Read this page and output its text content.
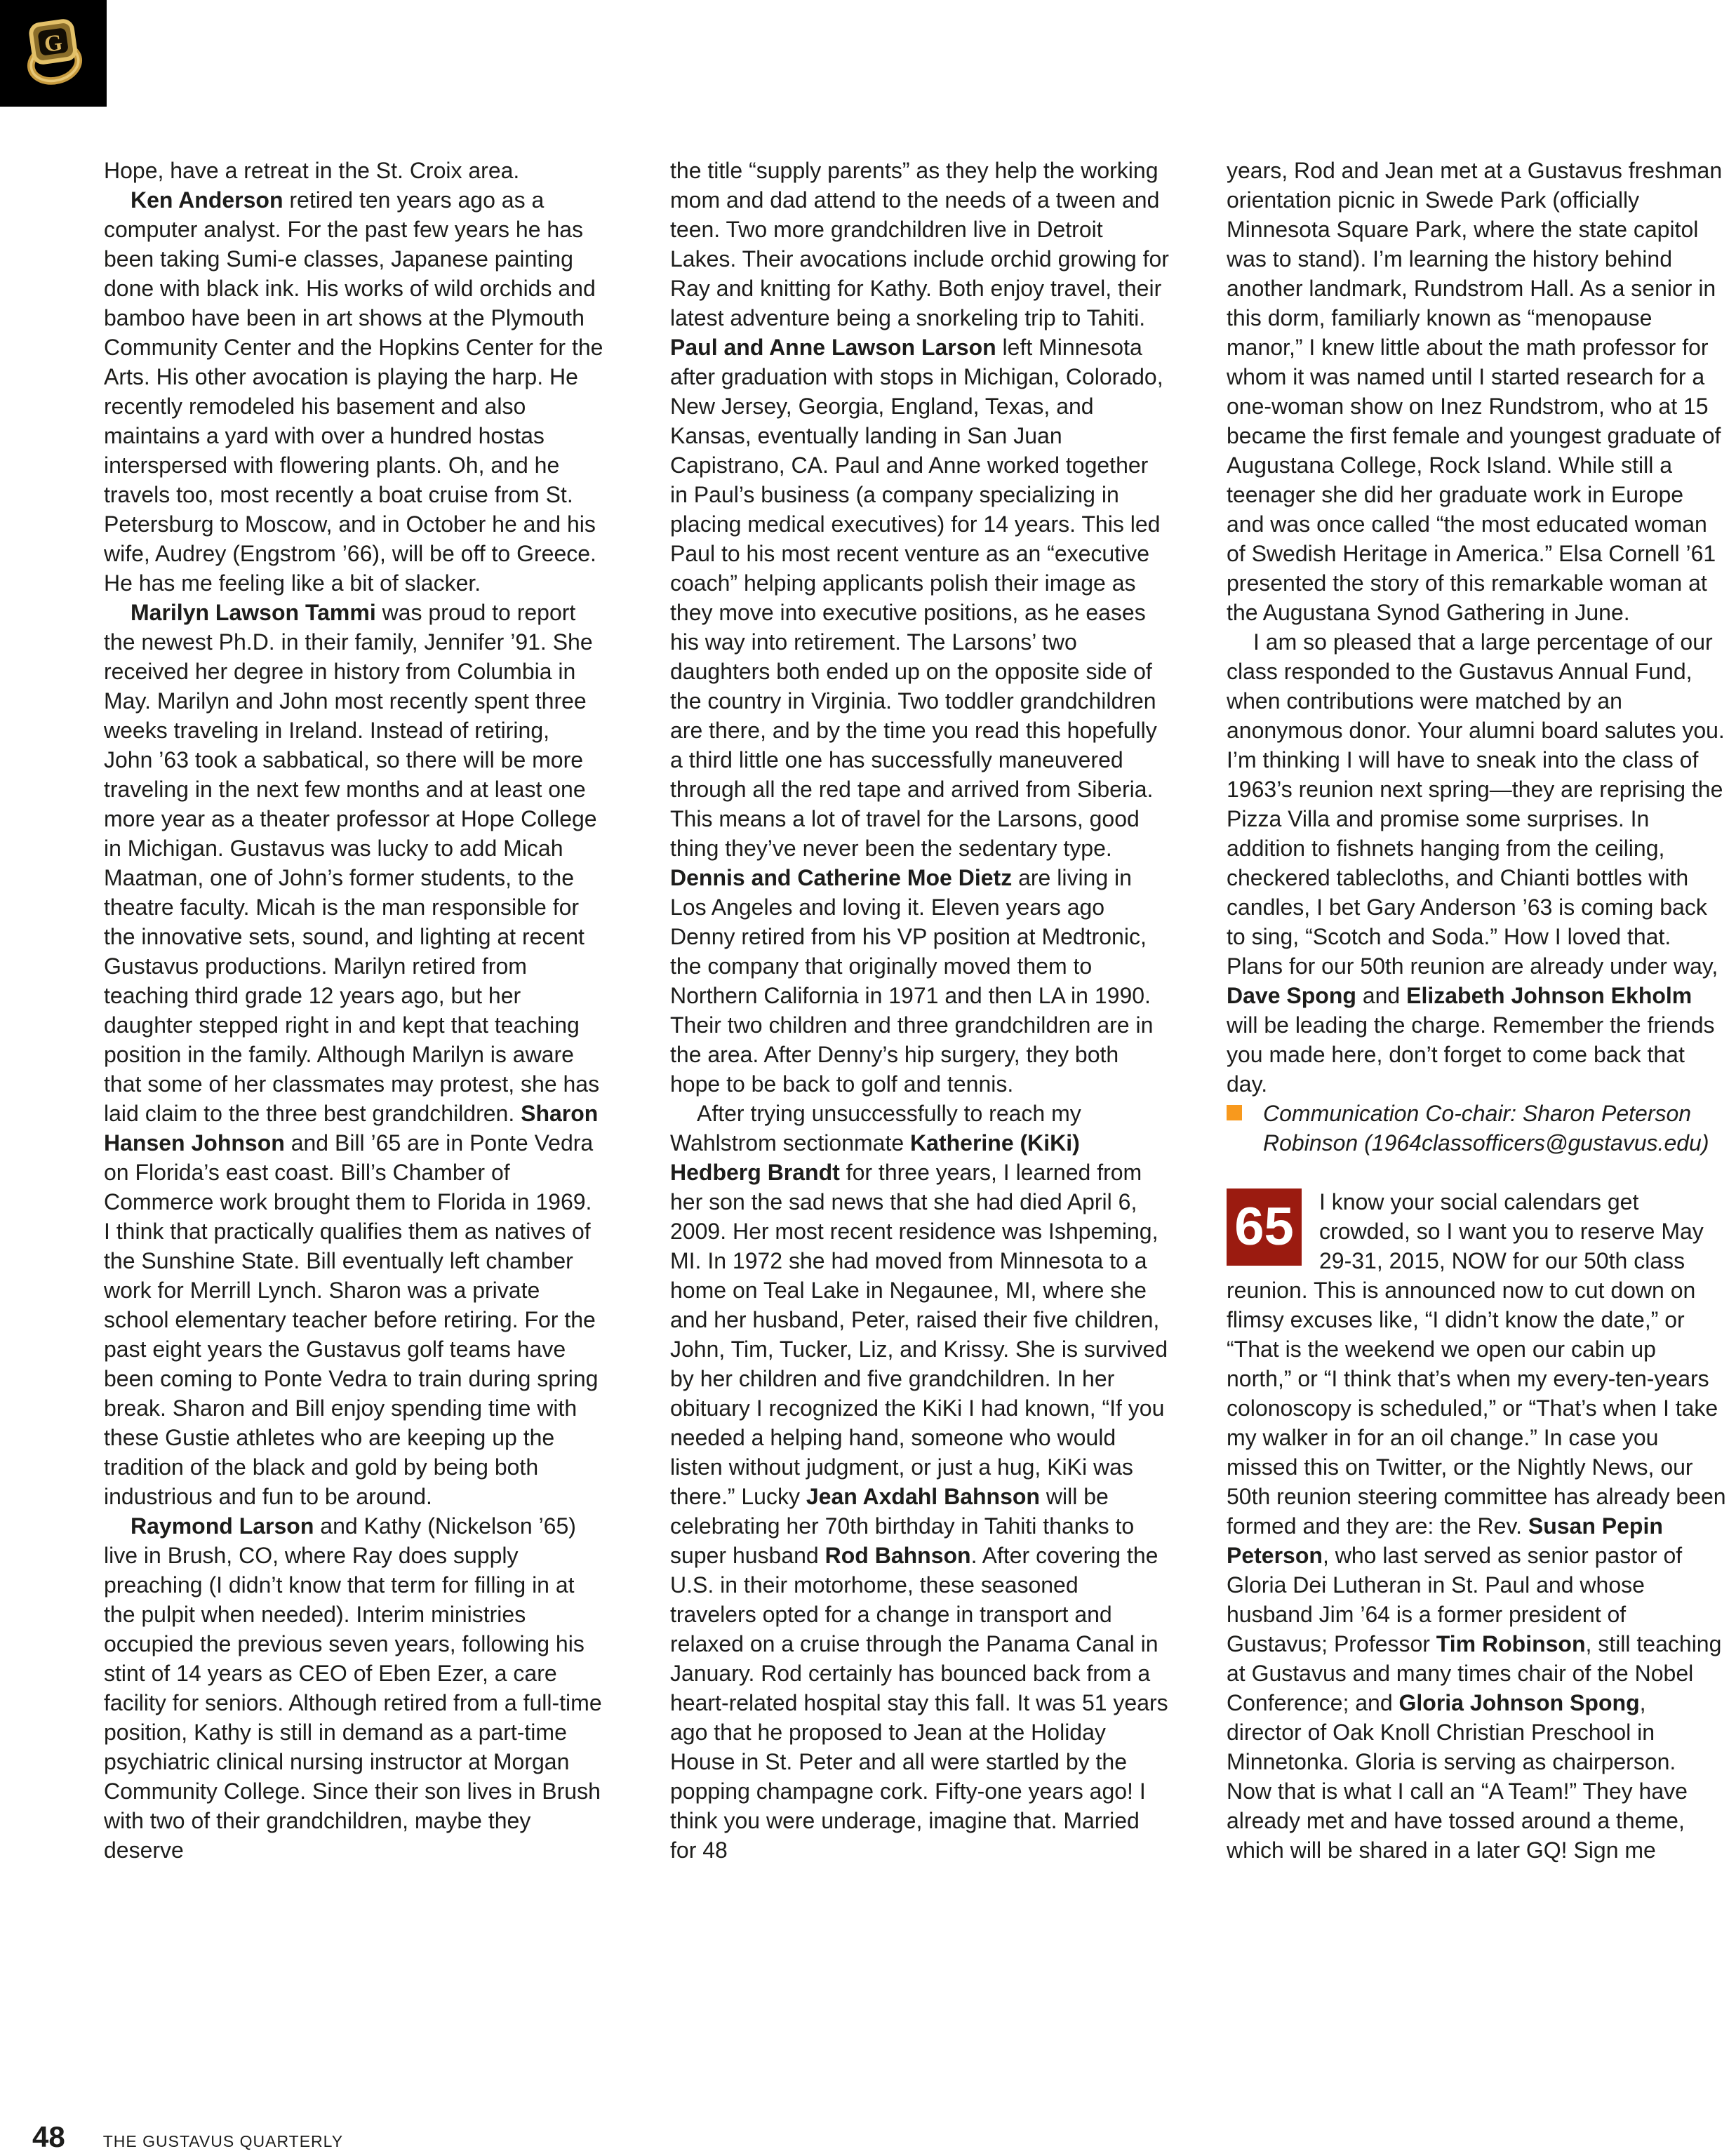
G

Hope, have a retreat in the St. Croix area.

Ken Anderson retired ten years ago as a computer analyst. For the past few years he has been taking Sumi-e classes, Japanese painting done with black ink. His works of wild orchids and bamboo have been in art shows at the Plymouth Community Center and the Hopkins Center for the Arts. His other avocation is playing the harp. He recently remodeled his basement and also maintains a yard with over a hundred hostas interspersed with flowering plants. Oh, and he travels too, most recently a boat cruise from St. Petersburg to Moscow, and in October he and his wife, Audrey (Engstrom ’66), will be off to Greece. He has me feeling like a bit of slacker.

Marilyn Lawson Tammi was proud to report the newest Ph.D. in their family, Jennifer ’91. She received her degree in history from Columbia in May. Marilyn and John most recently spent three weeks traveling in Ireland. Instead of retiring, John ’63 took a sabbatical, so there will be more traveling in the next few months and at least one more year as a theater professor at Hope College in Michigan. Gustavus was lucky to add Micah Maatman, one of John’s former students, to the theatre faculty. Micah is the man responsible for the innovative sets, sound, and lighting at recent Gustavus productions. Marilyn retired from teaching third grade 12 years ago, but her daughter stepped right in and kept that teaching position in the family. Although Marilyn is aware that some of her classmates may protest, she has laid claim to the three best grandchildren. Sharon Hansen Johnson and Bill ’65 are in Ponte Vedra on Florida’s east coast. Bill’s Chamber of Commerce work brought them to Florida in 1969. I think that practically qualifies them as natives of the Sunshine State. Bill eventually left chamber work for Merrill Lynch. Sharon was a private school elementary teacher before retiring. For the past eight years the Gustavus golf teams have been coming to Ponte Vedra to train during spring break. Sharon and Bill enjoy spending time with these Gustie athletes who are keeping up the tradition of the black and gold by being both industrious and fun to be around.

Raymond Larson and Kathy (Nickelson ’65) live in Brush, CO, where Ray does supply preaching (I didn’t know that term for filling in at the pulpit when needed). Interim ministries occupied the previous seven years, following his stint of 14 years as CEO of Eben Ezer, a care facility for seniors. Although retired from a full-time position, Kathy is still in demand as a part-time psychiatric clinical nursing instructor at Morgan Community College. Since their son lives in Brush with two of their grandchildren, maybe they deserve

the title “supply parents” as they help the working mom and dad attend to the needs of a tween and teen. Two more grandchildren live in Detroit Lakes. Their avocations include orchid growing for Ray and knitting for Kathy. Both enjoy travel, their latest adventure being a snorkeling trip to Tahiti. Paul and Anne Lawson Larson left Minnesota after graduation with stops in Michigan, Colorado, New Jersey, Georgia, England, Texas, and Kansas, eventually landing in San Juan Capistrano, CA. Paul and Anne worked together in Paul’s business (a company specializing in placing medical executives) for 14 years. This led Paul to his most recent venture as an “executive coach” helping applicants polish their image as they move into executive positions, as he eases his way into retirement. The Larsons’ two daughters both ended up on the opposite side of the country in Virginia. Two toddler grandchildren are there, and by the time you read this hopefully a third little one has successfully maneuvered through all the red tape and arrived from Siberia. This means a lot of travel for the Larsons, good thing they’ve never been the sedentary type. Dennis and Catherine Moe Dietz are living in Los Angeles and loving it. Eleven years ago Denny retired from his VP position at Medtronic, the company that originally moved them to Northern California in 1971 and then LA in 1990. Their two children and three grandchildren are in the area. After Denny’s hip surgery, they both hope to be back to golf and tennis.

After trying unsuccessfully to reach my Wahlstrom sectionmate Katherine (KiKi) Hedberg Brandt for three years, I learned from her son the sad news that she had died April 6, 2009. Her most recent residence was Ishpeming, MI. In 1972 she had moved from Minnesota to a home on Teal Lake in Negaunee, MI, where she and her husband, Peter, raised their five children, John, Tim, Tucker, Liz, and Krissy. She is survived by her children and five grandchildren. In her obituary I recognized the KiKi I had known, “If you needed a helping hand, someone who would listen without judgment, or just a hug, KiKi was there.” Lucky Jean Axdahl Bahnson will be celebrating her 70th birthday in Tahiti thanks to super husband Rod Bahnson. After covering the U.S. in their motorhome, these seasoned travelers opted for a change in transport and relaxed on a cruise through the Panama Canal in January. Rod certainly has bounced back from a heart-related hospital stay this fall. It was 51 years ago that he proposed to Jean at the Holiday House in St. Peter and all were startled by the popping champagne cork. Fifty-one years ago! I think you were underage, imagine that. Married for 48

years, Rod and Jean met at a Gustavus freshman orientation picnic in Swede Park (officially Minnesota Square Park, where the state capitol was to stand). I’m learning the history behind another landmark, Rundstrom Hall. As a senior in this dorm, familiarly known as “menopause manor,” I knew little about the math professor for whom it was named until I started research for a one-woman show on Inez Rundstrom, who at 15 became the first female and youngest graduate of Augustana College, Rock Island. While still a teenager she did her graduate work in Europe and was once called “the most educated woman of Swedish Heritage in America.” Elsa Cornell ’61 presented the story of this remarkable woman at the Augustana Synod Gathering in June.

I am so pleased that a large percentage of our class responded to the Gustavus Annual Fund, when contributions were matched by an anonymous donor. Your alumni board salutes you. I’m thinking I will have to sneak into the class of 1963’s reunion next spring—they are reprising the Pizza Villa and promise some surprises. In addition to fishnets hanging from the ceiling, checkered tablecloths, and Chianti bottles with candles, I bet Gary Anderson ’63 is coming back to sing, “Scotch and Soda.” How I loved that. Plans for our 50th reunion are already under way, Dave Spong and Elizabeth Johnson Ekholm will be leading the charge. Remember the friends you made here, don’t forget to come back that day.

Communication Co-chair: Sharon Peterson Robinson (1964classofficers@gustavus.edu)
65	I know your social calendars get crowded, so I want you to reserve May 29-31, 2015, NOW for our 50th class reunion. This is announced now to cut down on flimsy excuses like, “I didn’t know the date,” or “That is the weekend we open our cabin up north,” or “I think that’s when my every-ten-years colonoscopy is scheduled,” or “That’s when I take my walker in for an oil change.” In case you missed this on Twitter, or the Nightly News, our 50th reunion steering committee has already been formed and they are: the Rev. Susan Pepin Peterson, who last served as senior pastor of Gloria Dei Lutheran in St. Paul and whose husband Jim ’64 is a former president of Gustavus; Professor Tim Robinson, still teaching at Gustavus and many times chair of the Nobel Conference; and Gloria Johnson Spong, director of Oak Knoll Christian Preschool in Minnetonka. Gloria is serving as chairperson. Now that is what I call an “A Team!” They have already met and have tossed around a theme, which will be shared in a later GQ! Sign me
48 THE GUSTAVUS QUARTERLY
